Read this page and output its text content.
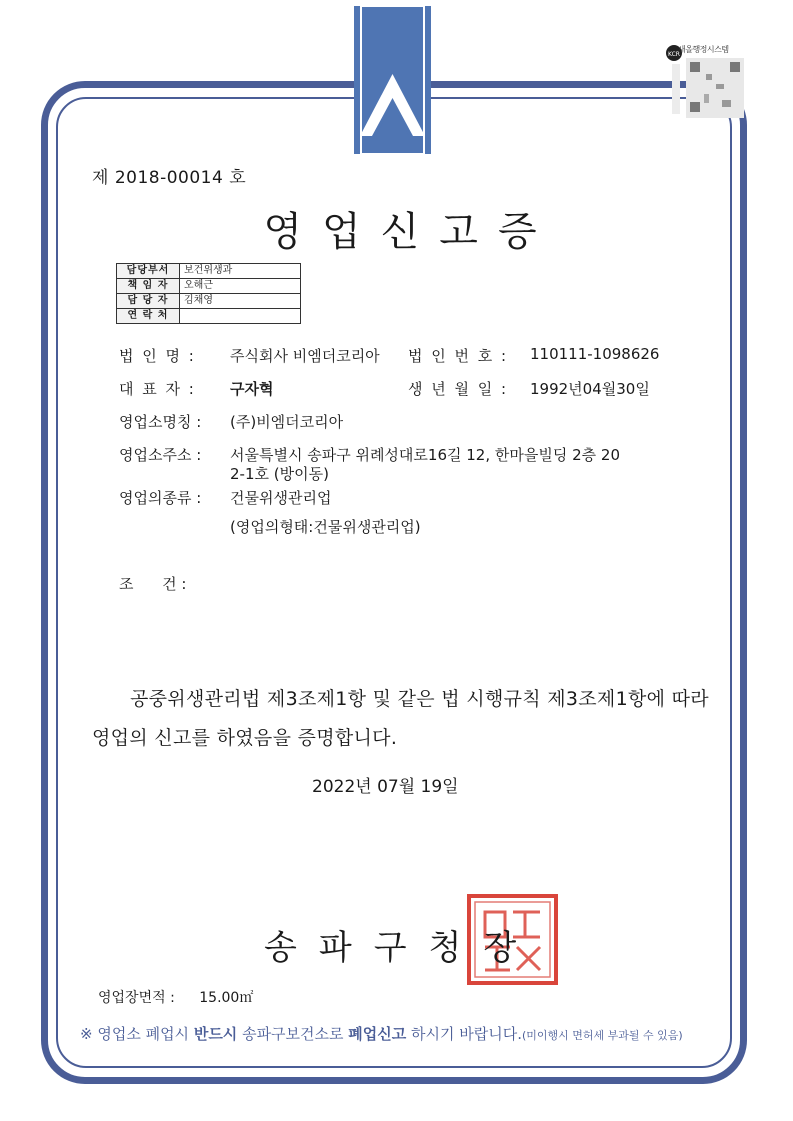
KCR
새올행정시스템
제 2018-00014 호
영업신고증
담당부서	보건위생과
책 임 자	오해근
담 당 자	김채영
연 락 처	
법 인 명 : 주식회사 비엠더코리아 법 인 번 호 : 110111-1098626
대 표 자 : 구자혁	생 년 월 일 : 1992년04월30일
영업소명칭 : (주)비엠더코리아
영업소주소 : 서울특별시 송파구 위례성대로16길 12, 한마을빌딩 2층 20
2-1호 (방이동)
영업의종류 : 건물위생관리업
(영업의형태:건물위생관리업)
조      건 :
공중위생관리법 제3조제1항 및 같은 법 시행규칙 제3조제1항에 따라 영업의 신고를 하였음을 증명합니다.
2022년 07월 19일
송파구청장
영업장면적 : 15.00㎡
※ 영업소 폐업시 반드시 송파구보건소로 폐업신고 하시기 바랍니다.(미이행시 면허세 부과될 수 있음)
